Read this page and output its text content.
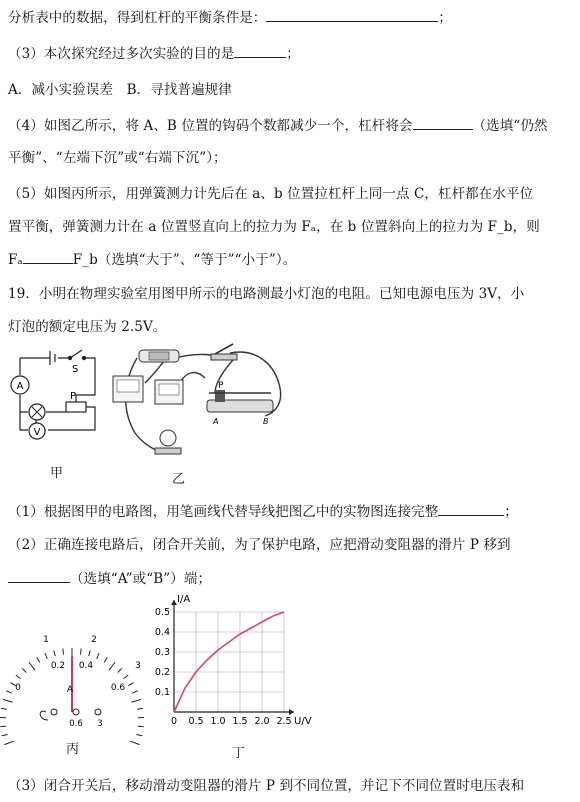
分析表中的数据，得到杠杆的平衡条件是：	；
（3）本次探究经过多次实验的目的是	；
A．减小实验误差　B．寻找普遍规律
（4）如图乙所示，将 A、B 位置的钩码个数都减少一个，杠杆将会	（选填“仍然
平衡”、“左端下沉”或“右端下沉”）；
（5）如图丙所示，用弹簧测力计先后在 a、b 位置拉杠杆上同一点 C，杠杆都在水平位
置平衡，弹簧测力计在 a 位置竖直向上的拉力为 Fₐ，在 b 位置斜向上的拉力为 F_b，则
Fₐ	F_b（选填“大于”、“等于”“小于”）。
19．小明在物理实验室用图甲所示的电路测最小灯泡的电阻。已知电源电压为 3V，小
灯泡的额定电压为 2.5V。
A
V
S
P
甲
P
A	B
乙
（1）根据图甲的电路图，用笔画线代替导线把图乙中的实物图连接完整	；
（2）正确连接电路后，闭合开关前，为了保护电路，应把滑动变阻器的滑片 P 移到
（选填“A”或“B”）端；
1	2
3
0
0.2 0.4
0.6
A
0.6 3
丙
0 0.5 1.0 1.5 2.0 2.5
0.1
0.2
0.3
0.4
0.5
I/A
U/V
丁
（3）闭合开关后，移动滑动变阻器的滑片 P 到不同位置，并记下不同位置时电压表和
